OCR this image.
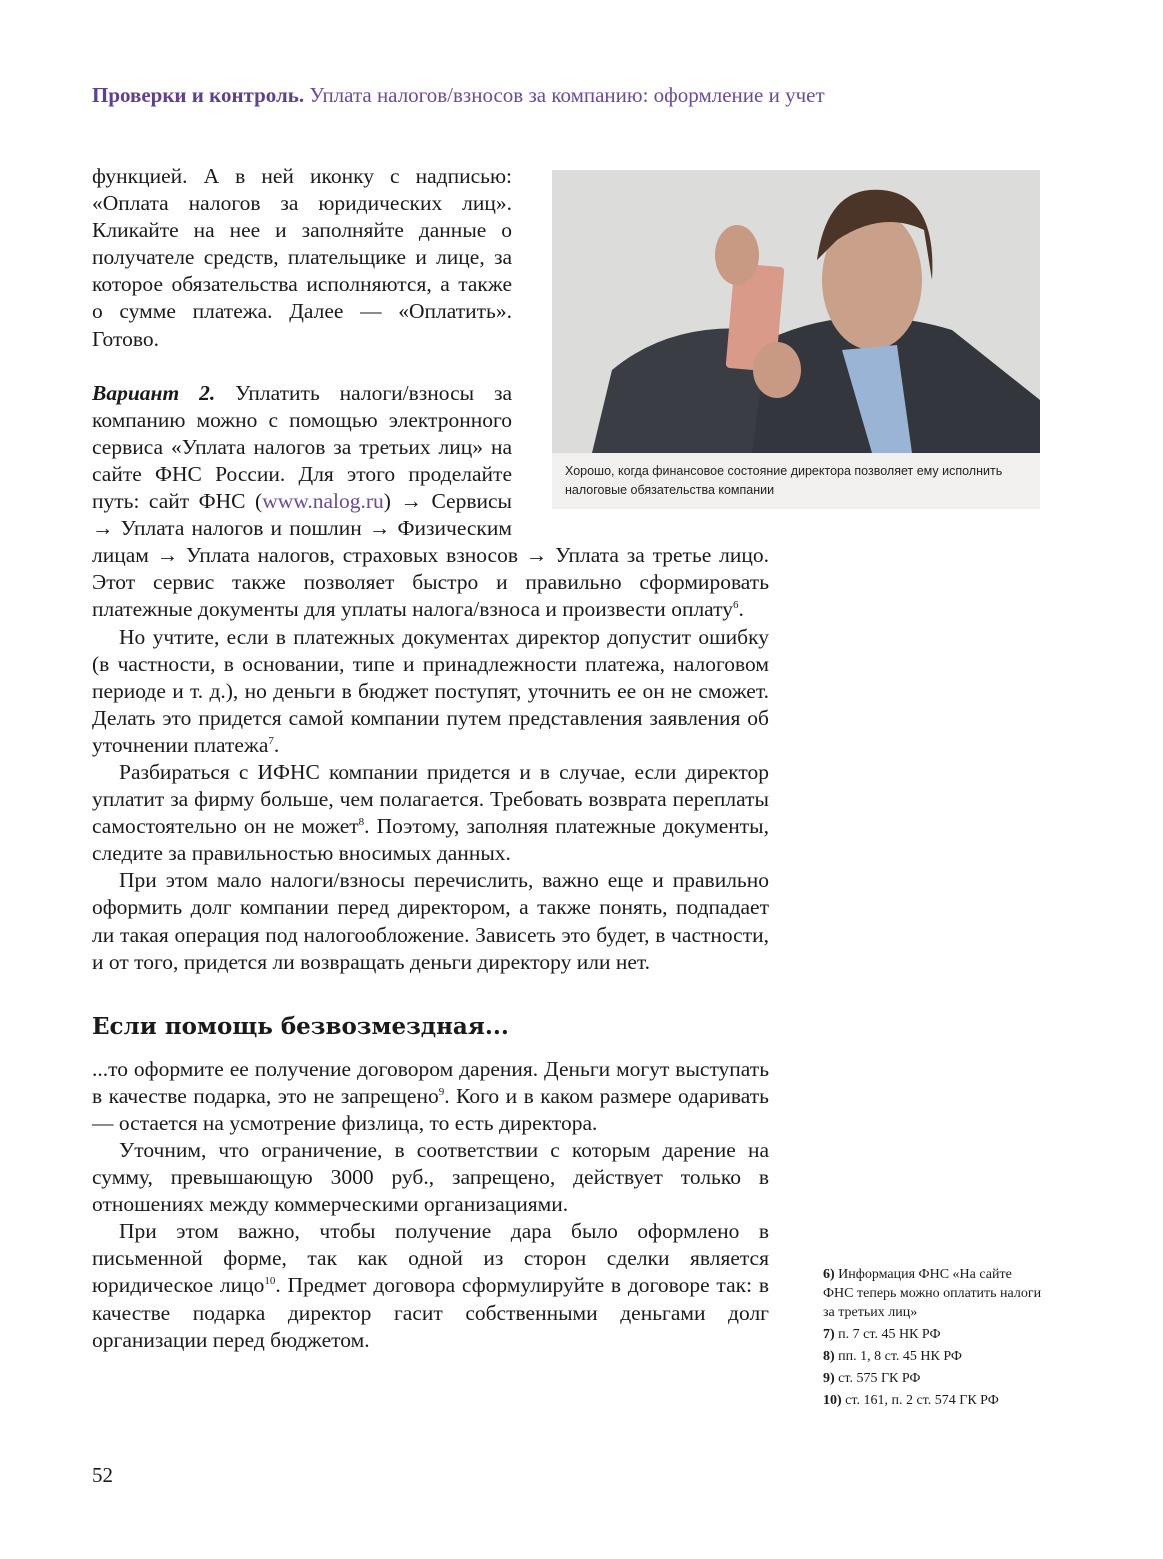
Проверки и контроль. Уплата налогов/взносов за компанию: оформление и учет

функцией. А в ней иконку с надписью: «Оплата налогов за юридических лиц». Кликайте на нее и заполняйте данные о получателе средств, плательщике и лице, за которое обязательства исполняются, а также о сумме платежа. Далее — «Оплатить». Готово.

Вариант 2. Уплатить налоги/взносы за компанию можно с помощью электронного сервиса «Уплата налогов за третьих лиц» на сайте ФНС России. Для этого проделайте путь: сайт ФНС (www.nalog.ru) → Сервисы → Уплата налогов и пошлин → Физическим лицам → Уплата налогов, страховых взносов → Уплата за третье лицо. Этот сервис также позволяет быстро и правильно сформировать платежные документы для уплаты налога/взноса и произвести оплату$^6$.

Но учтите, если в платежных документах директор допустит ошибку (в частности, в основании, типе и принадлежности платежа, налоговом периоде и т. д.), но деньги в бюджет поступят, уточнить ее он не сможет. Делать это придется самой компании путем представления заявления об уточнении платежа$^7$.

Разбираться с ИФНС компании придется и в случае, если директор уплатит за фирму больше, чем полагается. Требовать возврата переплаты самостоятельно он не может$^8$. Поэтому, заполняя платежные документы, следите за правильностью вносимых данных.

При этом мало налоги/взносы перечислить, важно еще и правильно оформить долг компании перед директором, а также понять, подпадает ли такая операция под налогообложение. Зависеть это будет, в частности, и от того, придется ли возвращать деньги директору или нет.

Если помощь безвозмездная...

...то оформите ее получение договором дарения. Деньги могут выступать в качестве подарка, это не запрещено$^9$. Кого и в каком размере одаривать — остается на усмотрение физлица, то есть директора.

Уточним, что ограничение, в соответствии с которым дарение на сумму, превышающую 3000 руб., запрещено, действует только в отношениях между коммерческими организациями.

При этом важно, чтобы получение дара было оформлено в письменной форме, так как одной из сторон сделки является юридическое лицо$^{10}$. Предмет договора сформулируйте в договоре так: в качестве подарка директор гасит собственными деньгами долг организации перед бюджетом.

Хорошо, когда финансовое состояние директора позволяет ему исполнить налоговые обязательства компании
6) Информация ФНС «На сайте ФНС теперь можно оплатить налоги за третьих лиц»
7) п. 7 ст. 45 НК РФ
8) пп. 1, 8 ст. 45 НК РФ
9) ст. 575 ГК РФ
10) ст. 161, п. 2 ст. 574 ГК РФ
52
